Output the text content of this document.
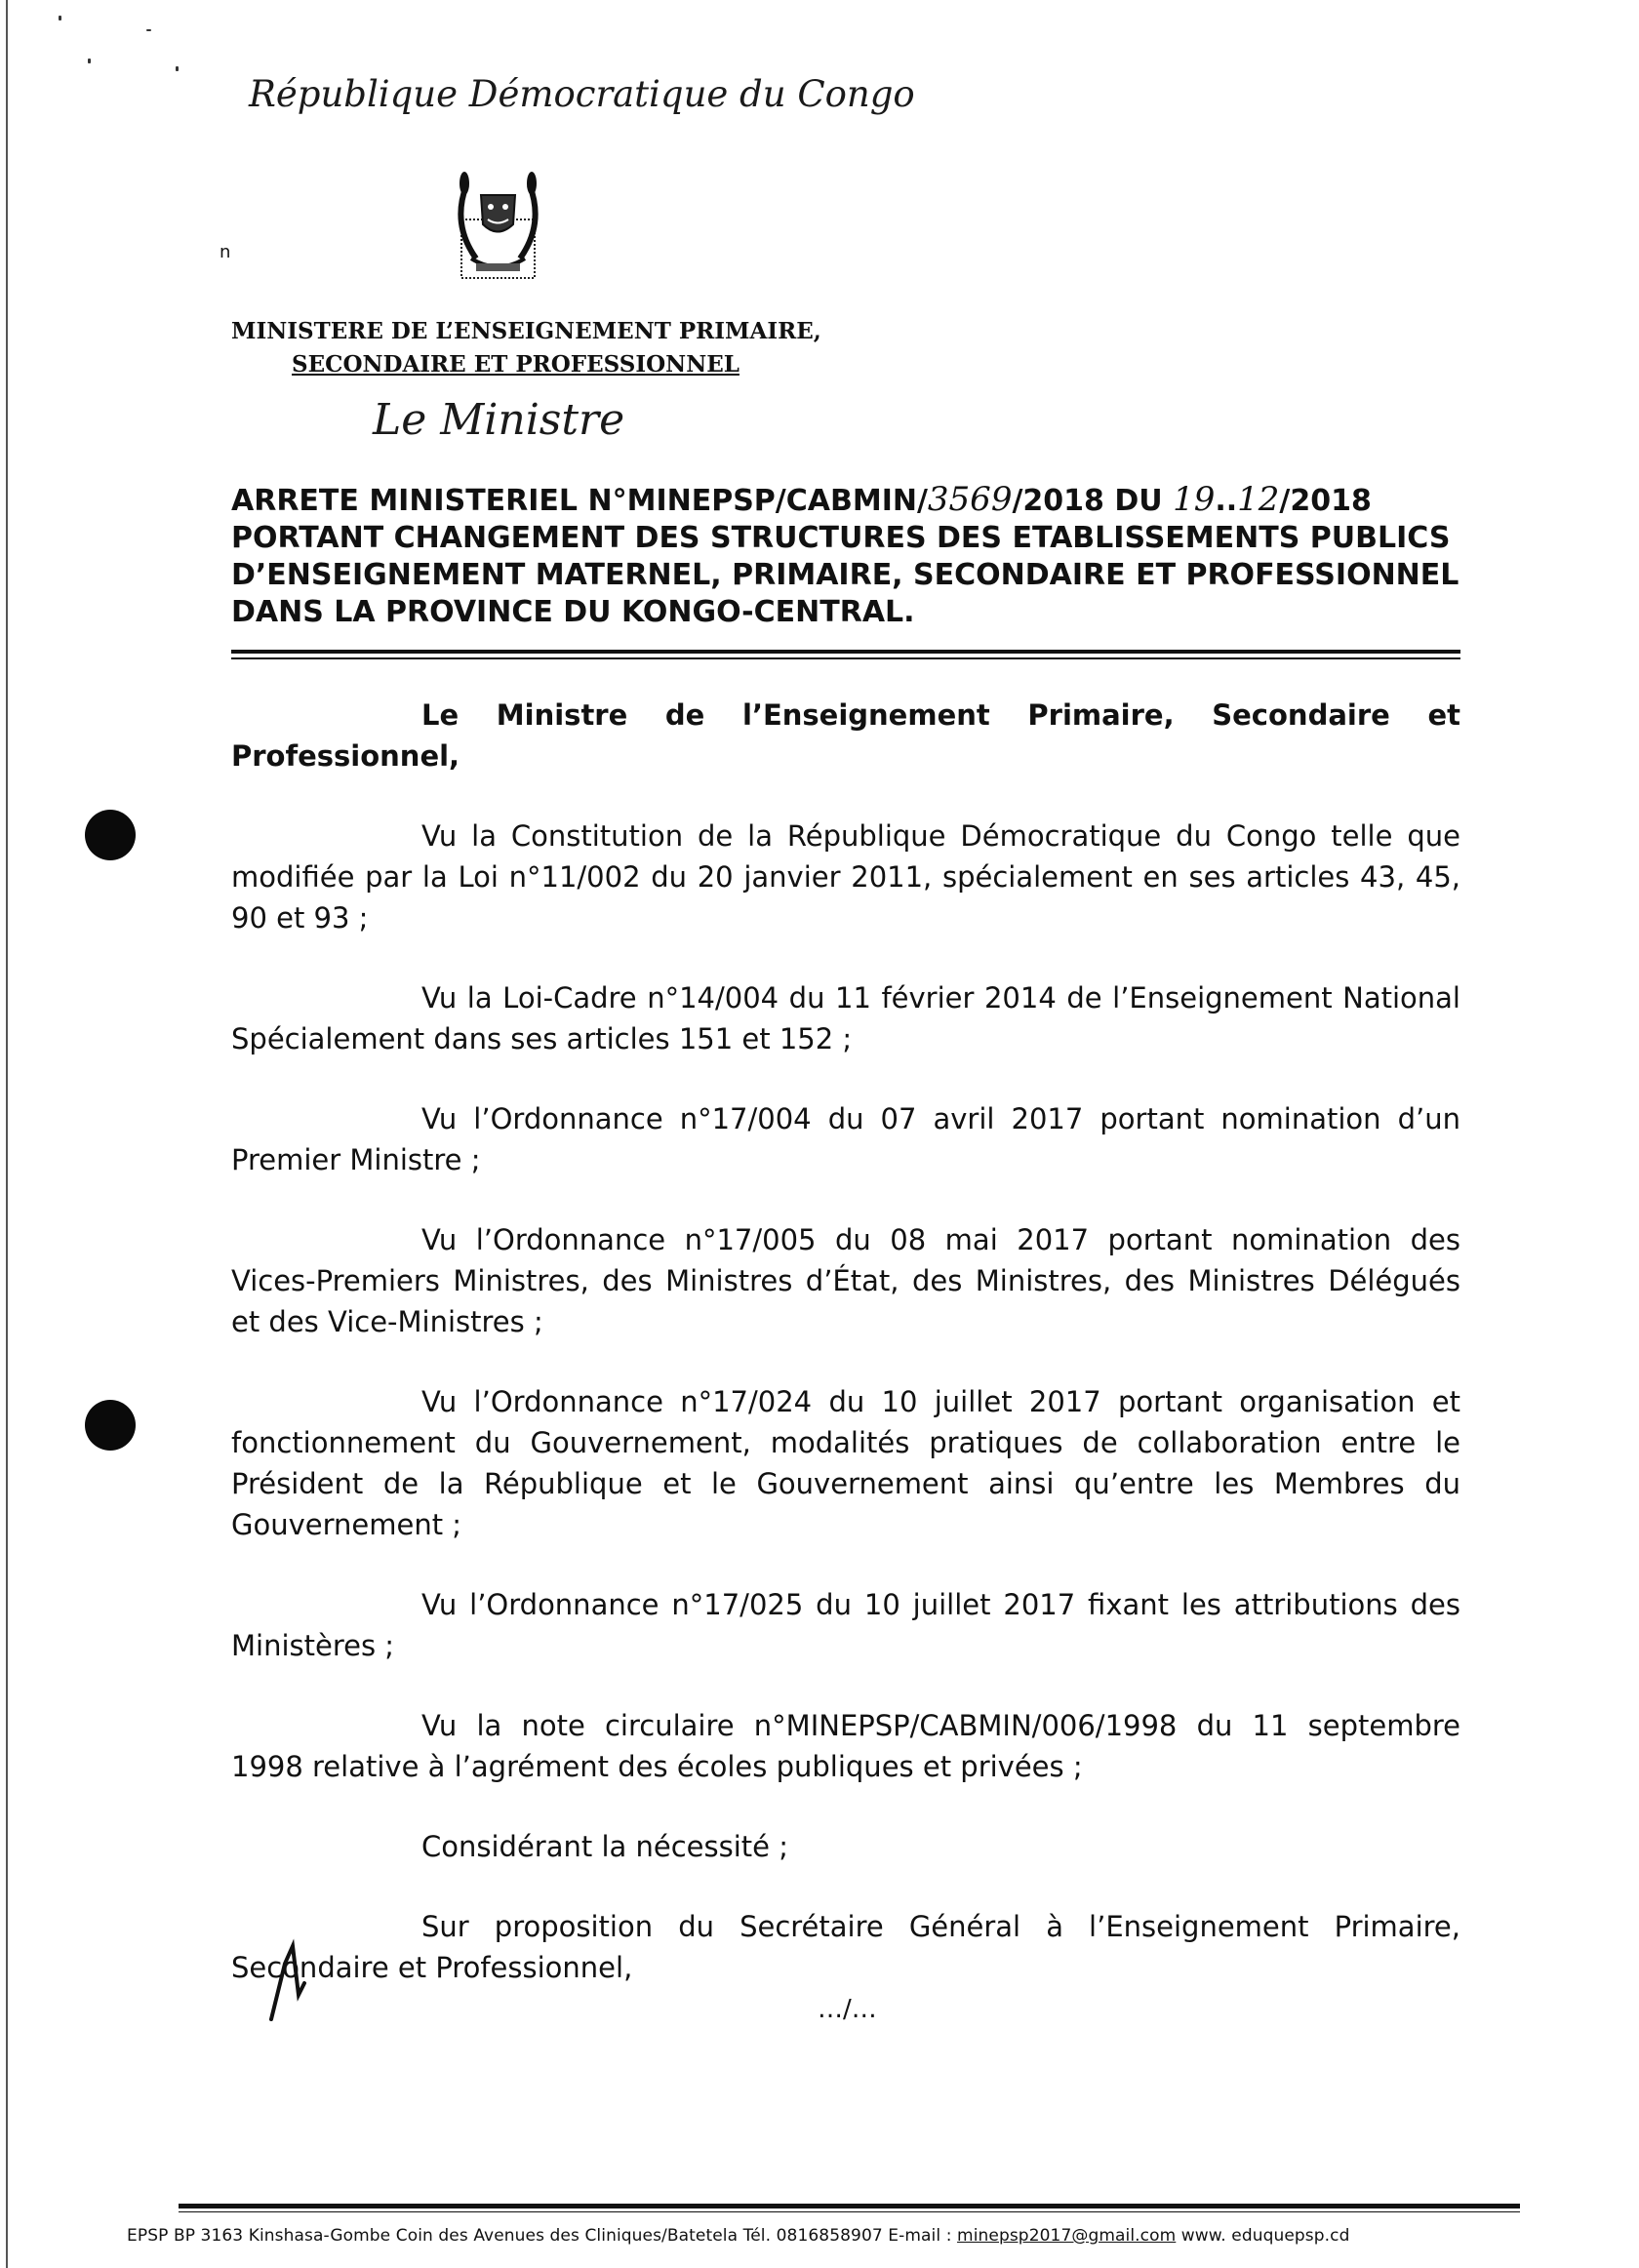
République Démocratique du Congo
n
MINISTERE DE L’ENSEIGNEMENT PRIMAIRE,
SECONDAIRE ET PROFESSIONNEL
Le Ministre
ARRETE MINISTERIEL N°MINEPSP/CABMIN/3569/2018 DU 19..12/2018
PORTANT CHANGEMENT DES STRUCTURES DES ETABLISSEMENTS PUBLICS
D’ENSEIGNEMENT MATERNEL, PRIMAIRE, SECONDAIRE ET PROFESSIONNEL
DANS LA PROVINCE DU KONGO-CENTRAL.

Le Ministre de l’Enseignement Primaire, Secondaire et Professionnel,

Vu la Constitution de la République Démocratique du Congo telle que modifiée par la Loi n°11/002 du 20 janvier 2011, spécialement en ses articles 43, 45, 90 et 93 ;

Vu la Loi-Cadre n°14/004 du 11 février 2014 de l’Enseignement National Spécialement dans ses articles 151 et 152 ;

Vu l’Ordonnance n°17/004 du 07 avril 2017 portant nomination d’un Premier Ministre ;

Vu l’Ordonnance n°17/005 du 08 mai 2017 portant nomination des Vices-Premiers Ministres, des Ministres d’État, des Ministres, des Ministres Délégués et des Vice-Ministres ;

Vu l’Ordonnance n°17/024 du 10 juillet 2017 portant organisation et fonctionnement du Gouvernement, modalités pratiques de collaboration entre le Président de la République et le Gouvernement ainsi qu’entre les Membres du Gouvernement ;

Vu l’Ordonnance n°17/025 du 10 juillet 2017 fixant les attributions des Ministères ;

Vu la note circulaire n°MINEPSP/CABMIN/006/1998 du 11 septembre 1998 relative à l’agrément des écoles publiques et privées ;

Considérant la nécessité ;

Sur proposition du Secrétaire Général à l’Enseignement Primaire, Secondaire et Professionnel,

…/…
EPSP BP 3163 Kinshasa-Gombe Coin des Avenues des Cliniques/Batetela Tél. 0816858907 E-mail : minepsp2017@gmail.com www. eduquepsp.cd
